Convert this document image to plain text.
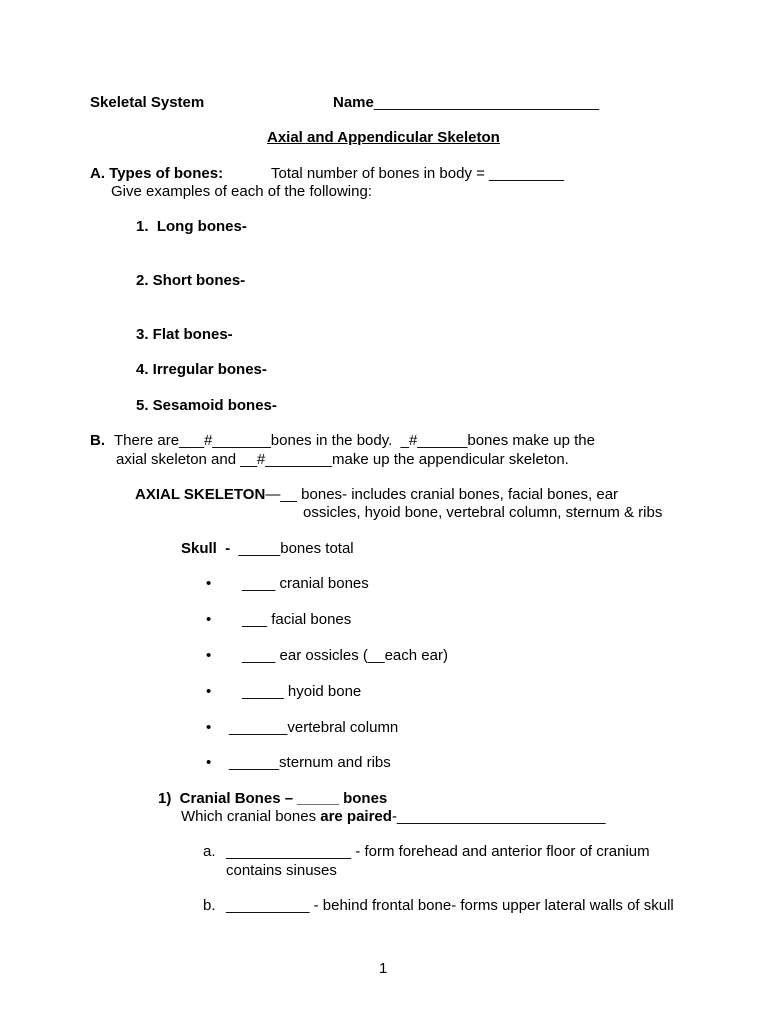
Skeletal System	Name___________________________
Axial and Appendicular Skeleton
A. Types of bones:	Total number of bones in body = _________
Give examples of each of the following:
1.  Long bones-
2. Short bones-
3. Flat bones-
4. Irregular bones-
5. Sesamoid bones-
B. There are___#_______bones in the body.  _#______bones make up the
axial skeleton and __#________make up the appendicular skeleton.
AXIAL SKELETON—__ bones- includes cranial bones, facial bones, ear
ossicles, hyoid bone, vertebral column, sternum & ribs
Skull  - _____bones total
• ____ cranial bones
• ___ facial bones
• ____ ear ossicles (__each ear)
• _____ hyoid bone
• _______vertebral column
• ______sternum and ribs
1)  Cranial Bones – _____ bones
Which cranial bones are paired-_________________________
a. _______________ - form forehead and anterior floor of cranium
contains sinuses
b. __________ - behind frontal bone- forms upper lateral walls of skull
1
